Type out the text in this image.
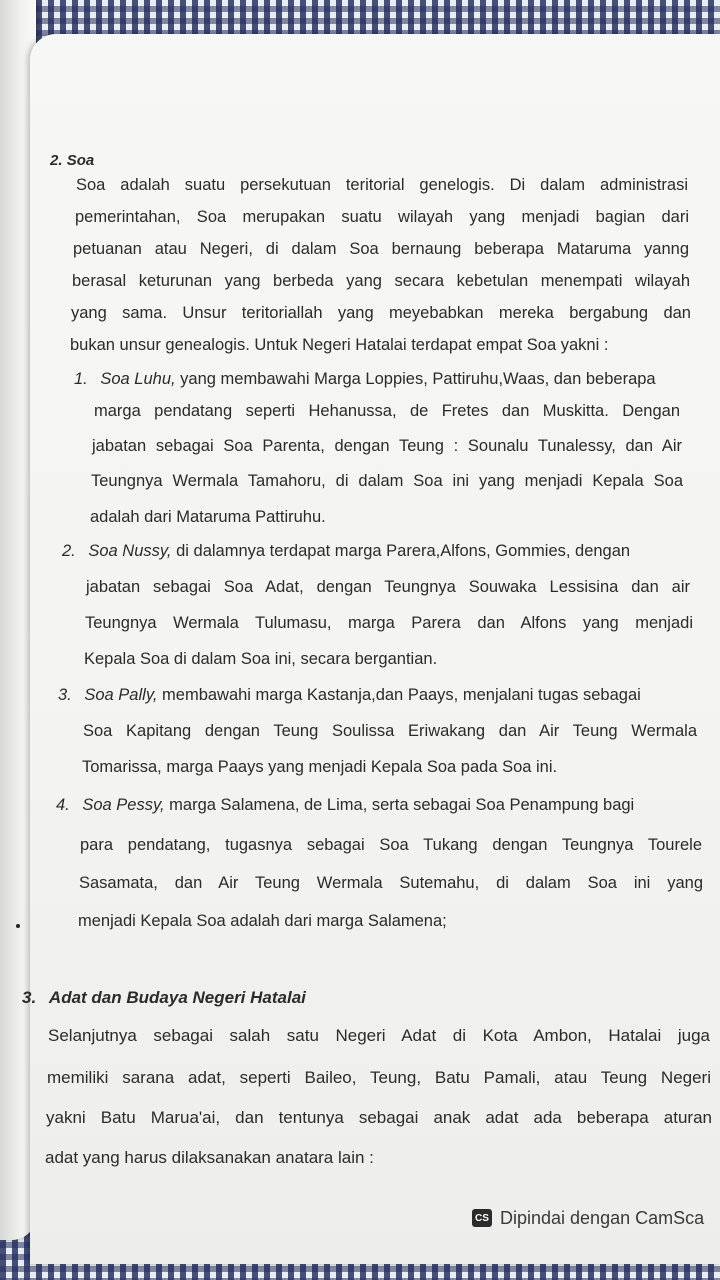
2. Soa
Soa adalah suatu persekutuan teritorial genelogis. Di dalam administrasi
pemerintahan, Soa merupakan suatu wilayah yang menjadi bagian dari
petuanan atau Negeri, di dalam Soa bernaung beberapa Mataruma yanng
berasal keturunan yang berbeda yang secara kebetulan menempati wilayah
yang sama. Unsur teritoriallah yang meyebabkan mereka bergabung dan
bukan unsur genealogis. Untuk Negeri Hatalai terdapat empat Soa yakni :
1. Soa Luhu, yang membawahi Marga Loppies, Pattiruhu,Waas, dan beberapa
marga pendatang seperti Hehanussa, de Fretes dan Muskitta. Dengan
jabatan sebagai Soa Parenta, dengan Teung : Sounalu Tunalessy, dan Air
Teungnya Wermala Tamahoru, di dalam Soa ini yang menjadi Kepala Soa
adalah dari Mataruma Pattiruhu.
2. Soa Nussy, di dalamnya terdapat marga Parera,Alfons, Gommies, dengan
jabatan sebagai Soa Adat, dengan Teungnya Souwaka Lessisina dan air
Teungnya Wermala Tulumasu, marga Parera dan Alfons yang menjadi
Kepala Soa di dalam Soa ini, secara bergantian.
3. Soa Pally, membawahi marga Kastanja,dan Paays, menjalani tugas sebagai
Soa Kapitang dengan Teung Soulissa Eriwakang dan Air Teung Wermala
Tomarissa, marga Paays yang menjadi Kepala Soa pada Soa ini.
4. Soa Pessy, marga Salamena, de Lima, serta sebagai Soa Penampung bagi
para pendatang, tugasnya sebagai Soa Tukang dengan Teungnya Tourele
Sasamata, dan Air Teung Wermala Sutemahu, di dalam Soa ini yang
menjadi Kepala Soa adalah dari marga Salamena;
3. Adat dan Budaya Negeri Hatalai
Selanjutnya sebagai salah satu Negeri Adat di Kota Ambon, Hatalai juga
memiliki sarana adat, seperti Baileo, Teung, Batu Pamali, atau Teung Negeri
yakni Batu Marua'ai, dan tentunya sebagai anak adat ada beberapa aturan
adat yang harus dilaksanakan anatara lain :
CS Dipindai dengan CamSca
